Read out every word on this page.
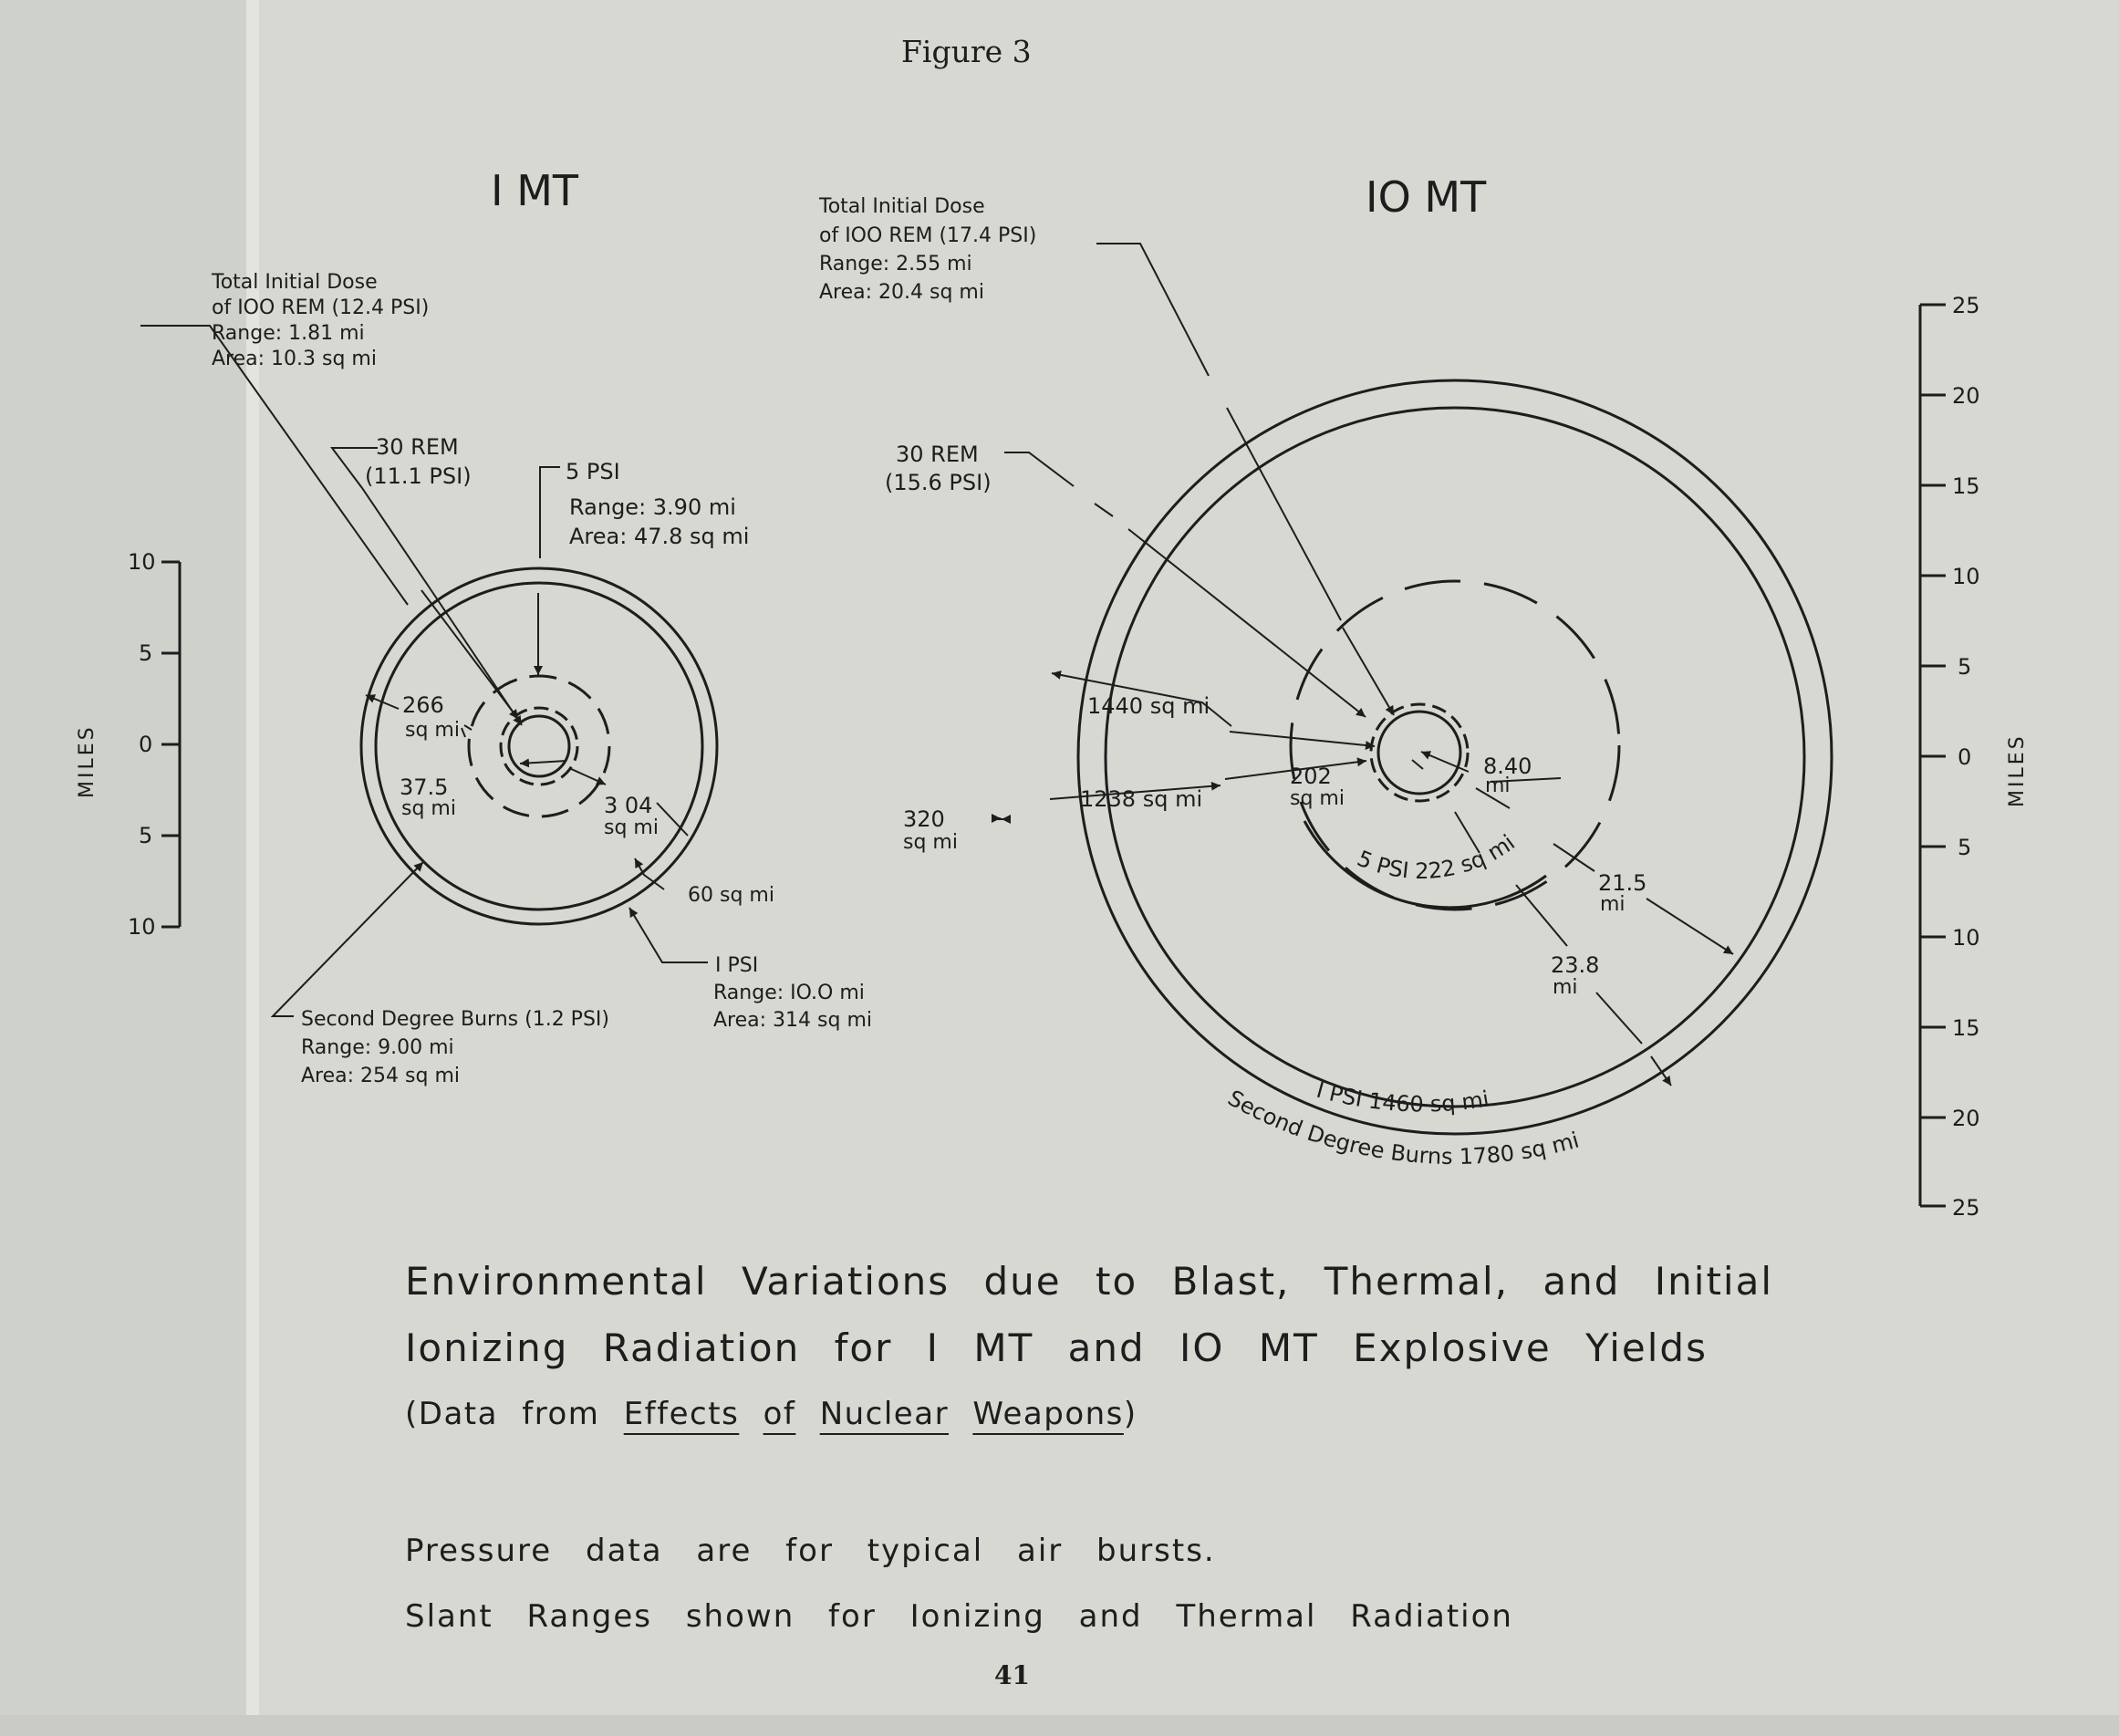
Figure 3
I MT	IO MT
10
5
0
5
10
MILES
25
20
15
10
5
0
5
10
15
20
25
MILES
Total Initial Dose
of IOO REM (12.4 PSI)
Range: 1.81 mi
Area: 10.3 sq mi
30 REM
(11.1 PSI)	5 PSI
Range: 3.90 mi
Area: 47.8 sq mi
266
sq mi
37.5
sq mi	3 04
sq mi
60 sq mi
I PSI
Range: IO.O mi
Area: 314 sq mi
Second Degree Burns (1.2 PSI)
Range: 9.00 mi
Area: 254 sq mi
Total Initial Dose
of IOO REM (17.4 PSI)
Range: 2.55 mi
Area: 20.4 sq mi
30 REM
(15.6 PSI)
1440 sq mi
1238 sq mi
320
sq mi
202
sq mi
8.40
mi
21.5
mi
23.8
mi
5 PSI 222 sq mi
I PSI 1460 sq mi
Second Degree Burns 1780 sq mi
Environmental Variations due to Blast, Thermal, and Initial
Ionizing Radiation for I MT and IO MT Explosive Yields
(Data from Effects of Nuclear Weapons)
Pressure data are for typical air bursts.
Slant Ranges shown for Ionizing and Thermal Radiation
41
